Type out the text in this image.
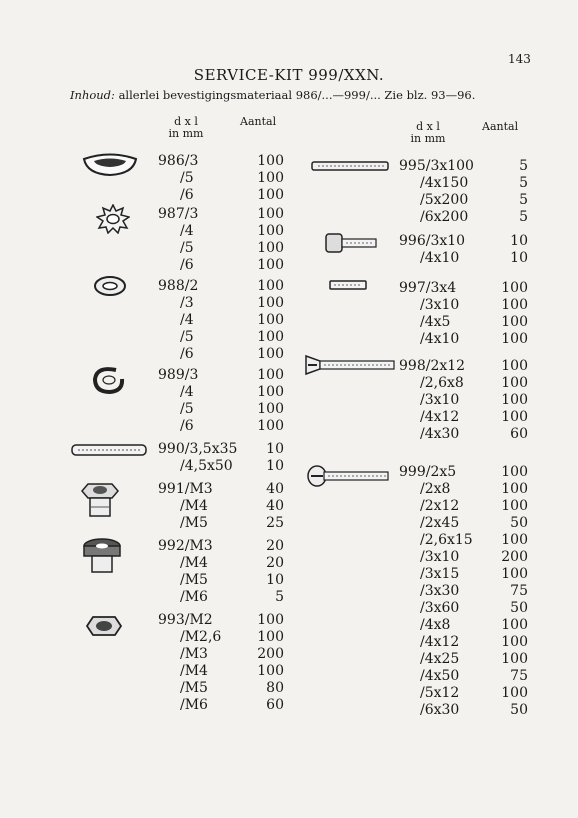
143
SERVICE-KIT 999/XXN.
Inhoud: allerlei bevestigingsmateriaal 986/...—999/... Zie blz. 93—96.
d x l
in mm
Aantal	d x l
in mm
Aantal
986/3	100
/5	100
/6	100
987/3	100
/4	100
/5	100
/6	100
988/2	100
/3	100
/4	100
/5	100
/6	100
989/3	100
/4	100
/5	100
/6	100
990/3,5x35	10
/4,5x50	10
991/M3	40
/M4	40
/M5	25
992/M3	20
/M4	20
/M5	10
/M6	5
993/M2	100
/M2,6	100
/M3	200
/M4	100
/M5	80
/M6	60
995/3x100	5
/4x150	5
/5x200	5
/6x200	5
996/3x10	10
/4x10	10
997/3x4	100
/3x10	100
/4x5	100
/4x10	100
998/2x12	100
/2,6x8	100
/3x10	100
/4x12	100
/4x30	60
999/2x5	100
/2x8	100
/2x12	100
/2x45	50
/2,6x15	100
/3x10	200
/3x15	100
/3x30	75
/3x60	50
/4x8	100
/4x12	100
/4x25	100
/4x50	75
/5x12	100
/6x30	50
